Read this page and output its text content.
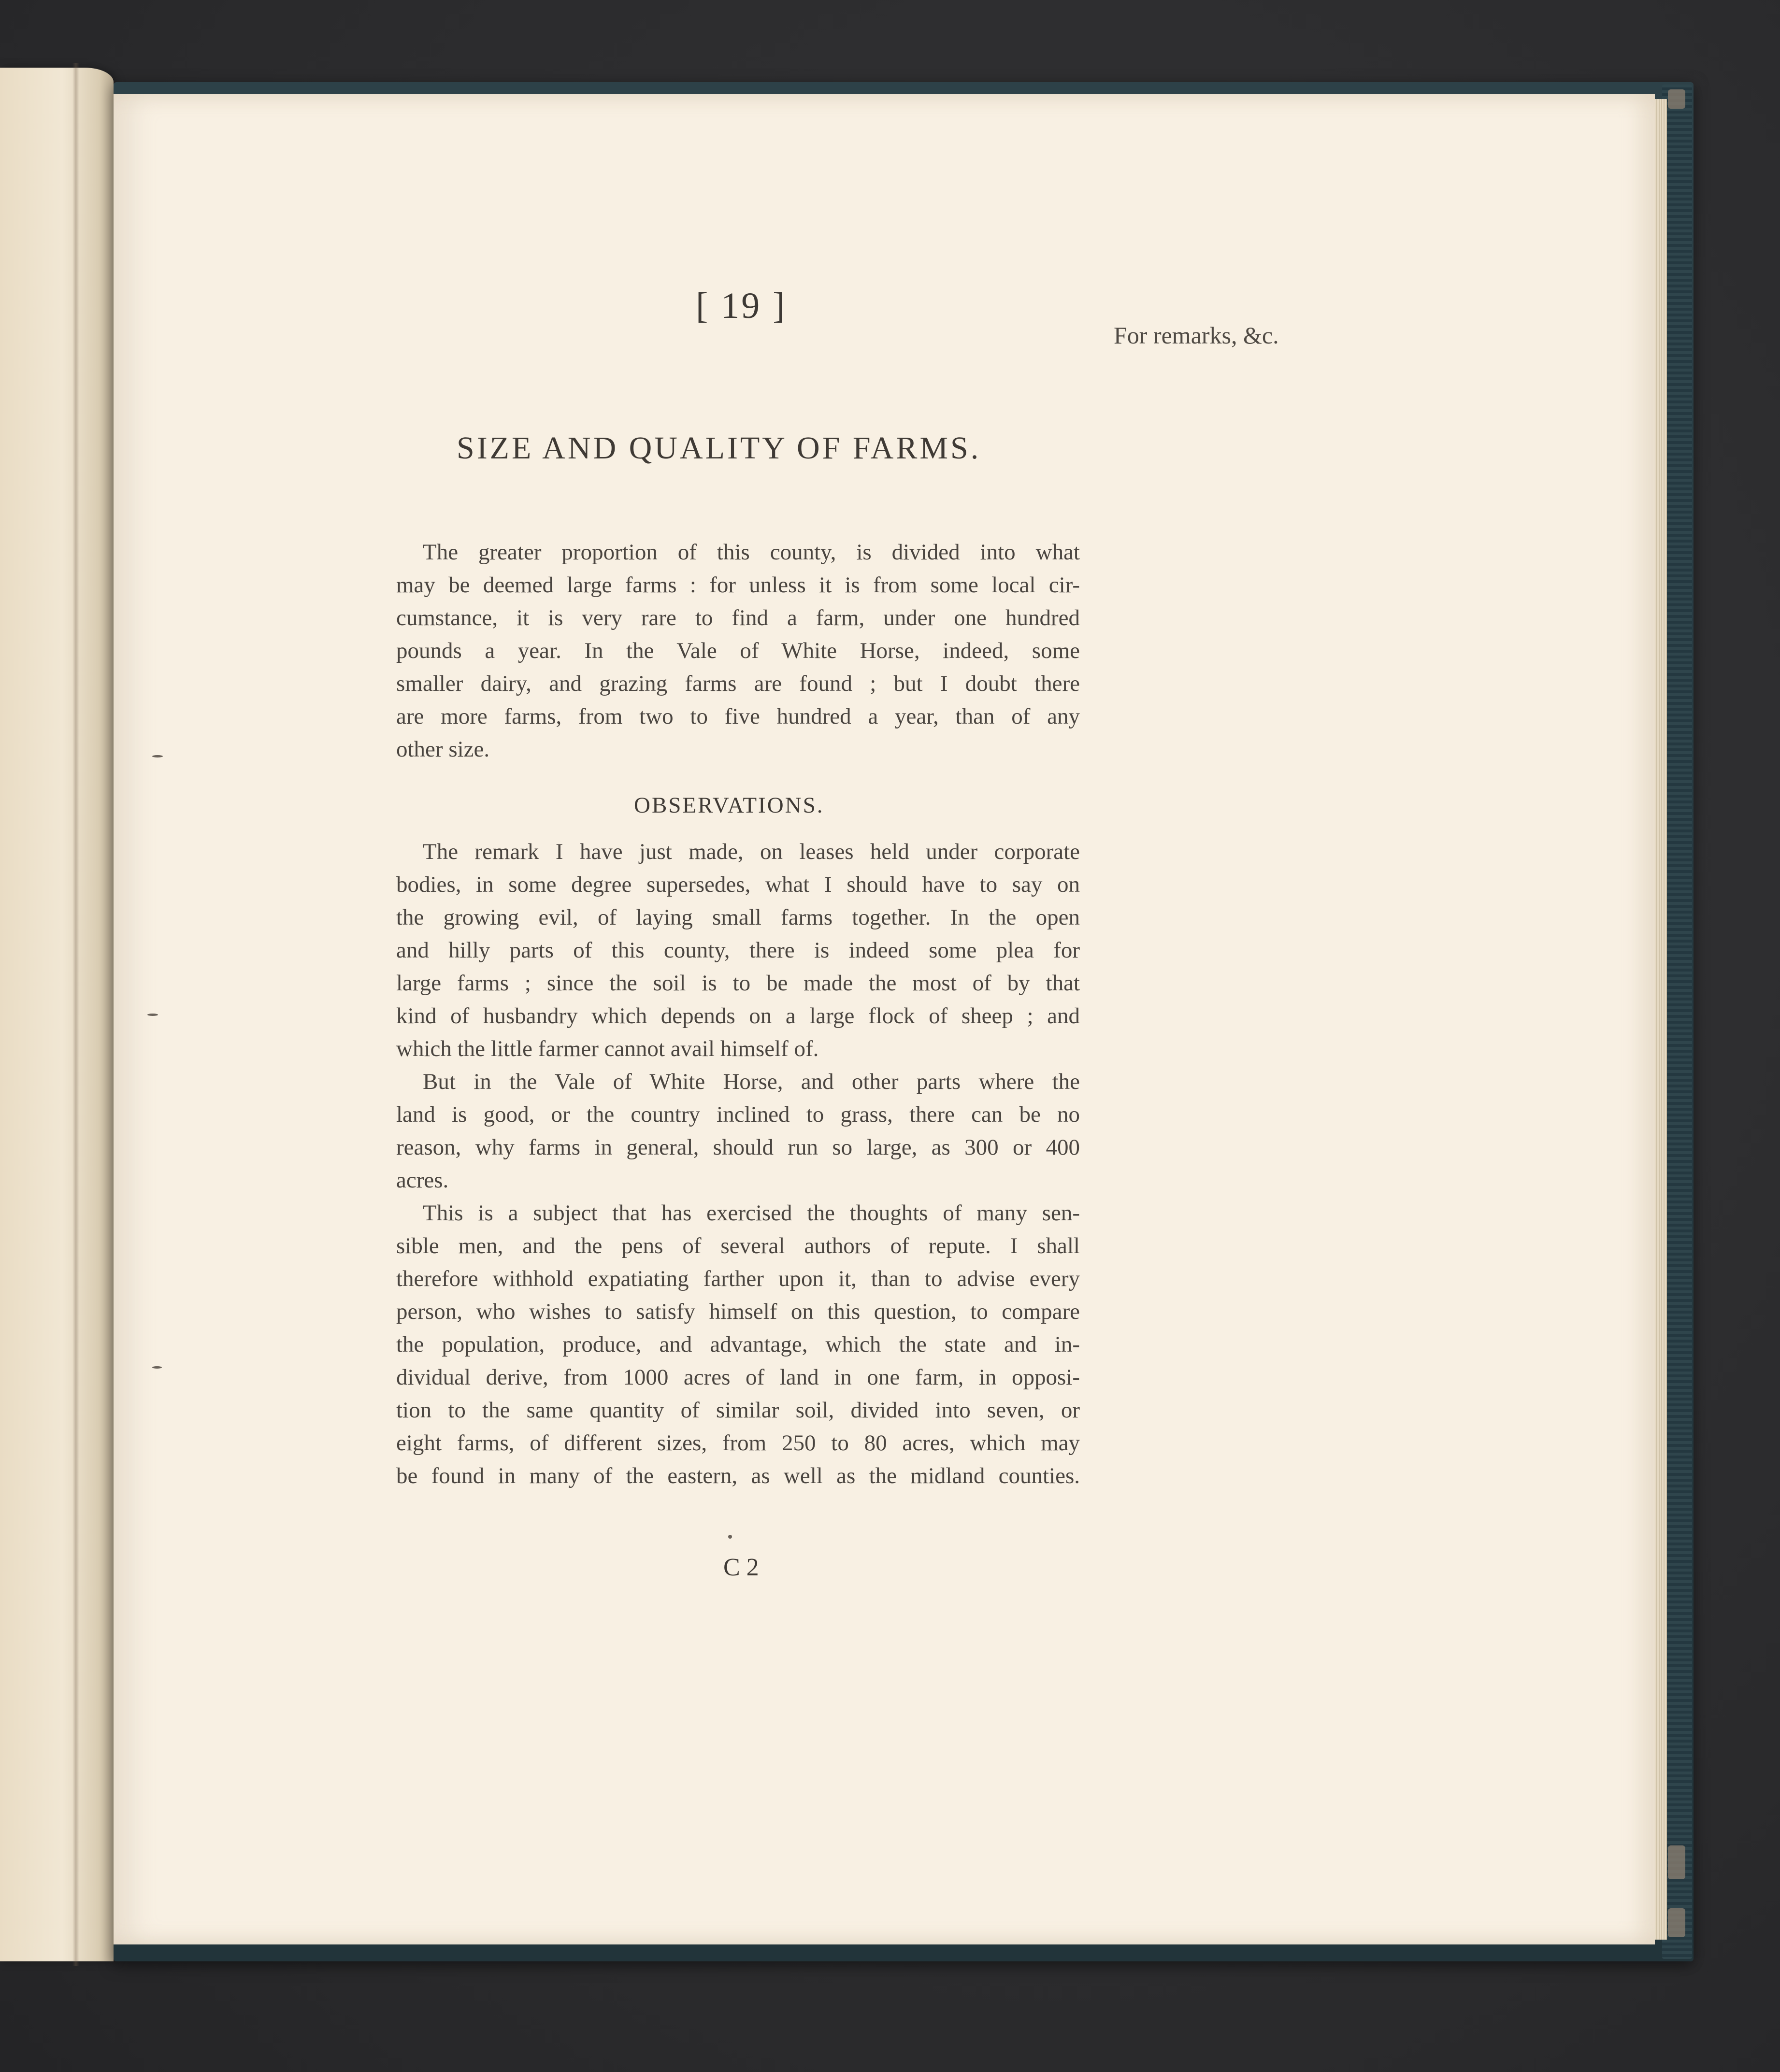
[ 19 ]
For remarks, &c.
SIZE AND QUALITY OF FARMS.
The greater proportion of this county, is divided into what
may be deemed large farms : for unless it is from some local cir-
cumstance, it is very rare to find a farm, under one hundred
pounds a year. In the Vale of White Horse, indeed, some
smaller dairy, and grazing farms are found ; but I doubt there
are more farms, from two to five hundred a year, than of any
other size.
OBSERVATIONS.
The remark I have just made, on leases held under corporate
bodies, in some degree supersedes, what I should have to say on
the growing evil, of laying small farms together. In the open
and hilly parts of this county, there is indeed some plea for
large farms ; since the soil is to be made the most of by that
kind of husbandry which depends on a large flock of sheep ; and
which the little farmer cannot avail himself of.
But in the Vale of White Horse, and other parts where the
land is good, or the country inclined to grass, there can be no
reason, why farms in general, should run so large, as 300 or 400
acres.
This is a subject that has exercised the thoughts of many sen-
sible men, and the pens of several authors of repute. I shall
therefore withhold expatiating farther upon it, than to advise every
person, who wishes to satisfy himself on this question, to compare
the population, produce, and advantage, which the state and in-
dividual derive, from 1000 acres of land in one farm, in opposi-
tion to the same quantity of similar soil, divided into seven, or
eight farms, of different sizes, from 250 to 80 acres, which may
be found in many of the eastern, as well as the midland counties.
C 2
